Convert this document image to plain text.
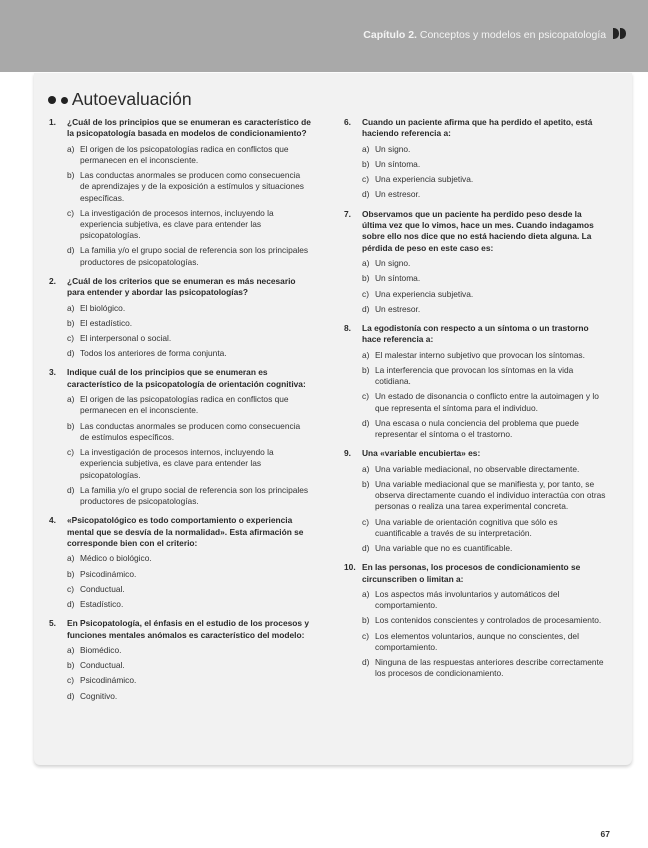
Capítulo 2. Conceptos y modelos en psicopatología
Autoevaluación
1. ¿Cuál de los principios que se enumeran es característico de la psicopatología basada en modelos de condicionamiento?
a) El origen de los psicopatologías radica en conflictos que permanecen en el inconsciente.
b) Las conductas anormales se producen como consecuencia de aprendizajes y de la exposición a estímulos y situaciones específicas.
c) La investigación de procesos internos, incluyendo la experiencia subjetiva, es clave para entender las psicopatologías.
d) La familia y/o el grupo social de referencia son los principales productores de psicopatologías.
2. ¿Cuál de los criterios que se enumeran es más necesario para entender y abordar las psicopatologías?
a) El biológico.
b) El estadístico.
c) El interpersonal o social.
d) Todos los anteriores de forma conjunta.
3. Indique cuál de los principios que se enumeran es característico de la psicopatología de orientación cognitiva:
a) El origen de las psicopatologías radica en conflictos que permanecen en el inconsciente.
b) Las conductas anormales se producen como consecuencia de estímulos específicos.
c) La investigación de procesos internos, incluyendo la experiencia subjetiva, es clave para entender las psicopatologías.
d) La familia y/o el grupo social de referencia son los principales productores de psicopatologías.
4. «Psicopatológico es todo comportamiento o experiencia mental que se desvía de la normalidad». Esta afirmación se corresponde bien con el criterio:
a) Médico o biológico.
b) Psicodinámico.
c) Conductual.
d) Estadístico.
5. En Psicopatología, el énfasis en el estudio de los procesos y funciones mentales anómalos es característico del modelo:
a) Biomédico.
b) Conductual.
c) Psicodinámico.
d) Cognitivo.
6. Cuando un paciente afirma que ha perdido el apetito, está haciendo referencia a:
a) Un signo.
b) Un síntoma.
c) Una experiencia subjetiva.
d) Un estresor.
7. Observamos que un paciente ha perdido peso desde la última vez que lo vimos, hace un mes. Cuando indagamos sobre ello nos dice que no está haciendo dieta alguna. La pérdida de peso en este caso es:
a) Un signo.
b) Un síntoma.
c) Una experiencia subjetiva.
d) Un estresor.
8. La egodistonía con respecto a un síntoma o un trastorno hace referencia a:
a) El malestar interno subjetivo que provocan los síntomas.
b) La interferencia que provocan los síntomas en la vida cotidiana.
c) Un estado de disonancia o conflicto entre la autoimagen y lo que representa el síntoma para el individuo.
d) Una escasa o nula conciencia del problema que puede representar el síntoma o el trastorno.
9. Una «variable encubierta» es:
a) Una variable mediacional, no observable directamente.
b) Una variable mediacional que se manifiesta y, por tanto, se observa directamente cuando el individuo interactúa con otras personas o realiza una tarea experimental concreta.
c) Una variable de orientación cognitiva que sólo es cuantificable a través de su interpretación.
d) Una variable que no es cuantificable.
10. En las personas, los procesos de condicionamiento se circunscriben o limitan a:
a) Los aspectos más involuntarios y automáticos del comportamiento.
b) Los contenidos conscientes y controlados de procesamiento.
c) Los elementos voluntarios, aunque no conscientes, del comportamiento.
d) Ninguna de las respuestas anteriores describe correctamente los procesos de condicionamiento.
67
